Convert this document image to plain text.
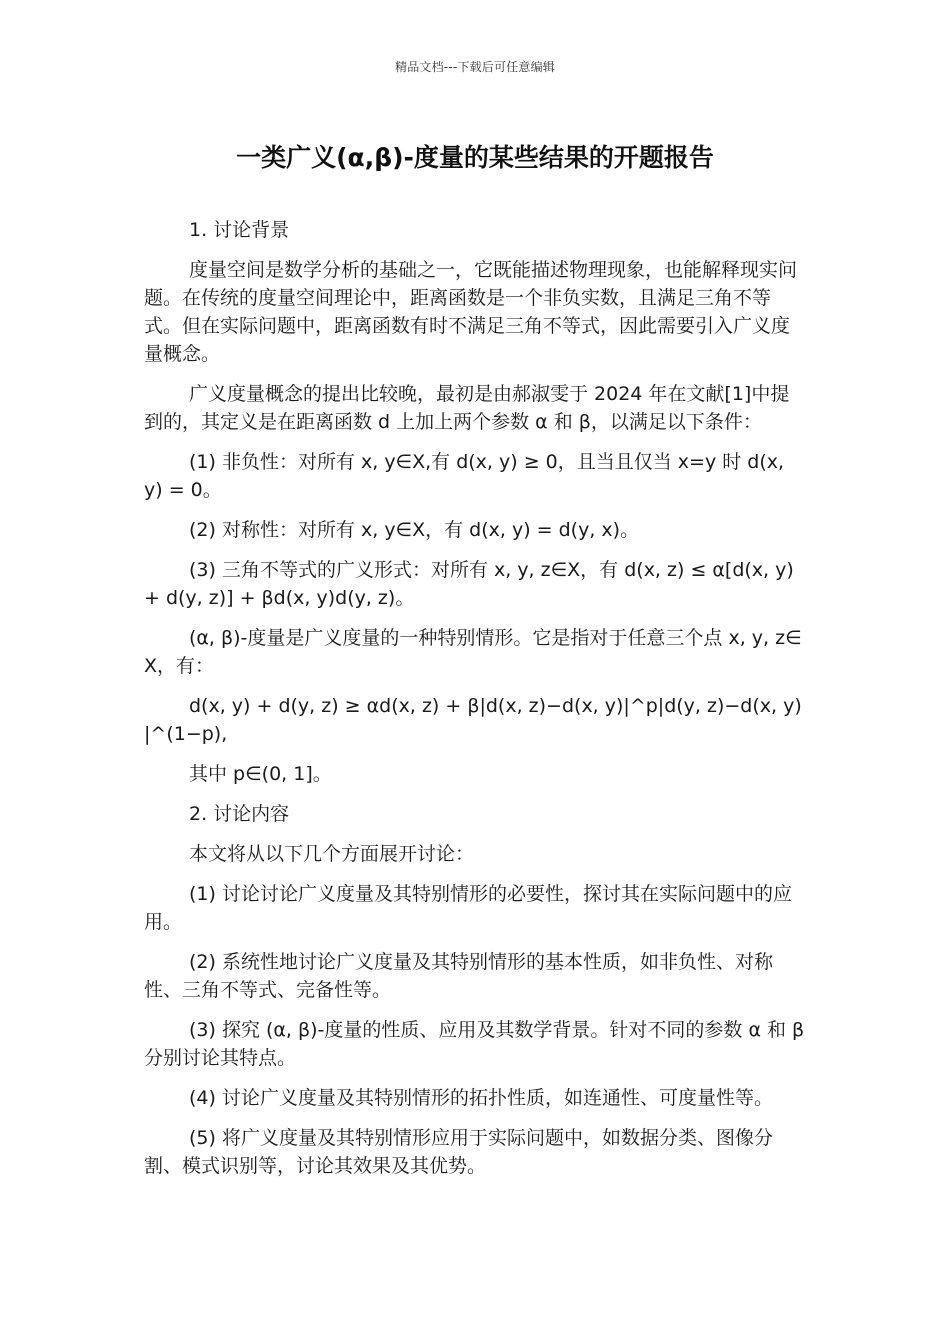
精品文档---下载后可任意编辑
一类广义(α,β)-度量的某些结果的开题报告

1. 讨论背景

度量空间是数学分析的基础之一，它既能描述物理现象，也能解释现实问题。在传统的度量空间理论中，距离函数是一个非负实数，且满足三角不等式。但在实际问题中，距离函数有时不满足三角不等式，因此需要引入广义度量概念。

广义度量概念的提出比较晚，最初是由郝淑雯于 2024 年在文献[1]中提到的，其定义是在距离函数 d 上加上两个参数 α 和 β，以满足以下条件：

(1) 非负性：对所有 x, y∈X,有 d(x, y) ≥ 0，且当且仅当 x=y 时 d(x, y) = 0。

(2) 对称性：对所有 x, y∈X，有 d(x, y) = d(y, x)。

(3) 三角不等式的广义形式：对所有 x, y, z∈X，有 d(x, z) ≤ α[d(x, y) + d(y, z)] + βd(x, y)d(y, z)。

(α, β)-度量是广义度量的一种特别情形。它是指对于任意三个点 x, y, z∈X，有：

d(x, y) + d(y, z) ≥ αd(x, z) + β|d(x, z)−d(x, y)|^p|d(y, z)−d(x, y)|^(1−p),

其中 p∈(0, 1]。

2. 讨论内容

本文将从以下几个方面展开讨论：

(1) 讨论讨论广义度量及其特别情形的必要性，探讨其在实际问题中的应用。

(2) 系统性地讨论广义度量及其特别情形的基本性质，如非负性、对称性、三角不等式、完备性等。

(3) 探究 (α, β)-度量的性质、应用及其数学背景。针对不同的参数 α 和 β 分别讨论其特点。

(4) 讨论广义度量及其特别情形的拓扑性质，如连通性、可度量性等。

(5) 将广义度量及其特别情形应用于实际问题中，如数据分类、图像分割、模式识别等，讨论其效果及其优势。
